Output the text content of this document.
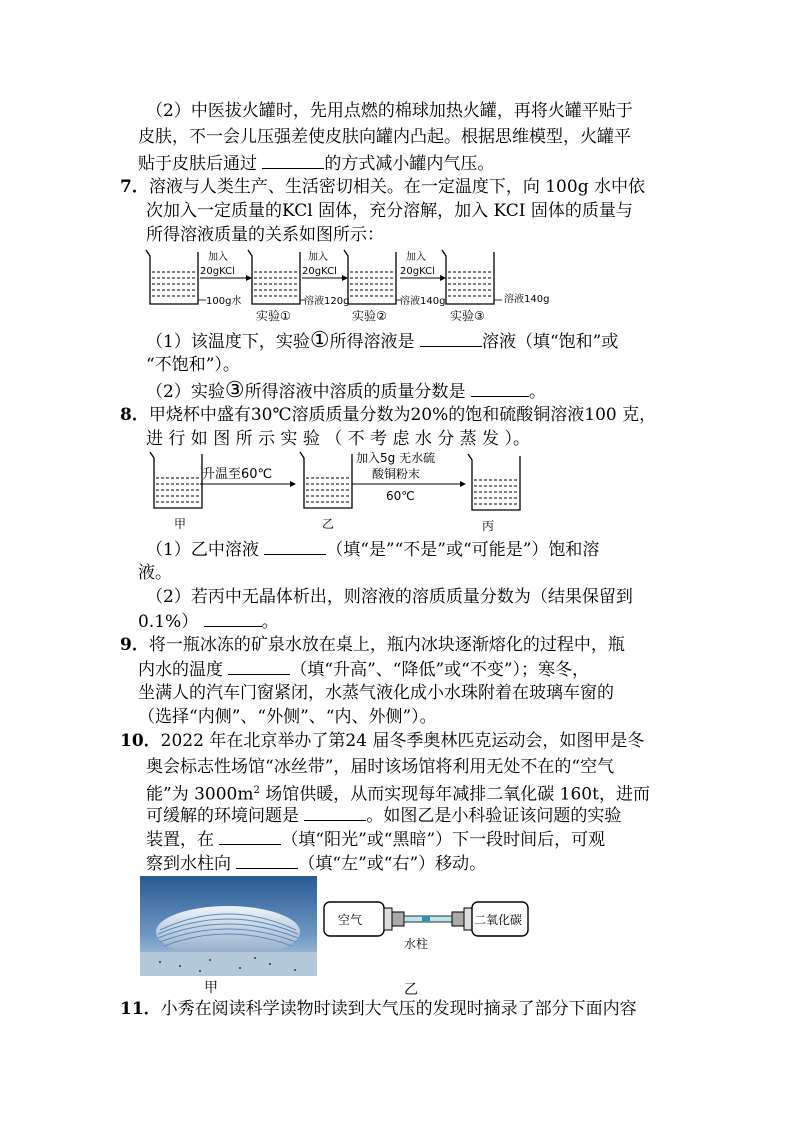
（2）中医拔火罐时，先用点燃的棉球加热火罐，再将火罐平贴于
皮肤，不一会儿压强差使皮肤向罐内凸起。根据思维模型，火罐平
贴于皮肤后通过	的方式减小罐内气压。
7．溶液与人类生产、生活密切相关。在一定温度下，向 100g 水中依
次加入一定质量的KCl 固体，充分溶解，加入 KCI 固体的质量与
所得溶液质量的关系如图所示：
100g水
加入
20gKCl
溶液120g
实验①
加入
20gKCl
溶液140g
实验②
加入
20gKCl
溶液140g
实验③
（1）该温度下，实验①所得溶液是	溶液（填“饱和”或
“不饱和”）。
（2）实验③所得溶液中溶质的质量分数是	。
8．甲烧杯中盛有30℃溶质质量分数为20%的饱和硫酸铜溶液100 克，
进 行 如 图 所 示 实 验 （ 不 考 虑 水 分 蒸 发 ）。
甲
升温至60℃
乙
加入5g 无水硫
酸铜粉末
60℃
丙
（1）乙中溶液	（填“是”“不是”或“可能是”）饱和溶
液。
（2）若丙中无晶体析出，则溶液的溶质质量分数为（结果保留到
0.1%）	。
9．将一瓶冰冻的矿泉水放在桌上，瓶内冰块逐渐熔化的过程中，瓶
内水的温度	（填“升高”、“降低”或“不变”）；寒冬，
坐满人的汽车门窗紧闭，水蒸气液化成小水珠附着在玻璃车窗的
（选择“内侧”、“外侧”、“内、外侧”）。
10．2022 年在北京举办了第24 届冬季奥林匹克运动会，如图甲是冬
奥会标志性场馆“冰丝带”，届时该场馆将利用无处不在的“空气
能”为 $3000m^2$ 场馆供暖，从而实现每年减排二氧化碳 160t，进而
可缓解的环境问题是	。如图乙是小科验证该问题的实验
装置，在	（填“阳光”或“黑暗”）下一段时间后，可观
察到水柱向	（填“左”或“右”）移动。
甲
空气
水柱
二氧化碳
乙
11．小秀在阅读科学读物时读到大气压的发现时摘录了部分下面内容
